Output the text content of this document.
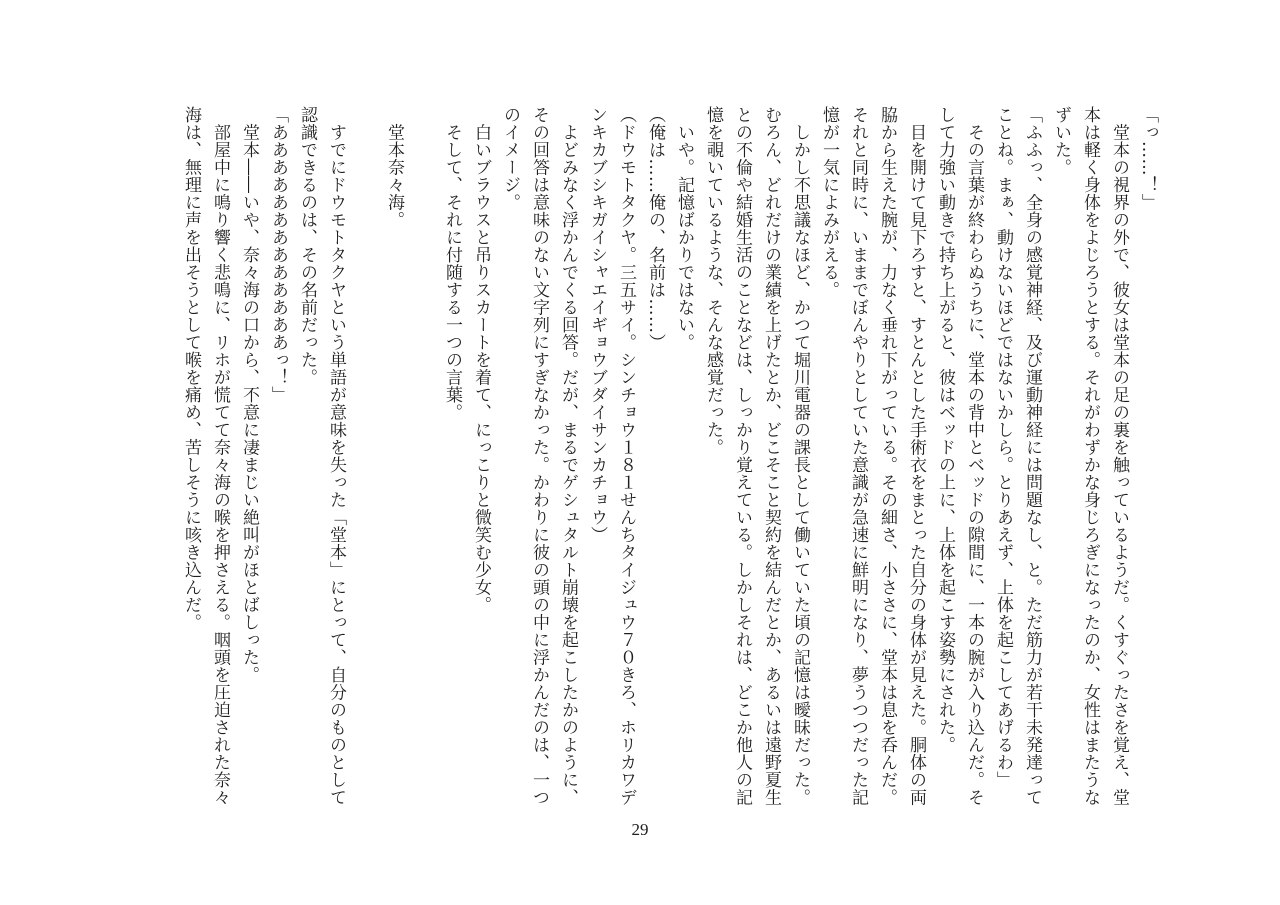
「っ……！」

　堂本の視界の外で、彼女は堂本の足の裏を触っているようだ。くすぐったさを覚え、堂

本は軽く身体をよじろうとする。それがわずかな身じろぎになったのか、女性はまたうな

ずいた。

「ふふっ、全身の感覚神経、及び運動神経には問題なし、と。ただ筋力が若干未発達って

ことね。まぁ、動けないほどではないかしら。とりあえず、上体を起こしてあげるわ」

　その言葉が終わらぬうちに、堂本の背中とベッドの隙間に、一本の腕が入り込んだ。そ

して力強い動きで持ち上がると、彼はベッドの上に、上体を起こす姿勢にされた。

　目を開けて見下ろすと、すとんとした手術衣をまとった自分の身体が見えた。胴体の両

脇から生えた腕が、力なく垂れ下がっている。その細さ、小ささに、堂本は息を呑んだ。

それと同時に、いままでぼんやりとしていた意識が急速に鮮明になり、夢うつつだった記

憶が一気によみがえる。

　しかし不思議なほど、かつて堀川電器の課長として働いていた頃の記憶は曖昧だった。

むろん、どれだけの業績を上げたとか、どこそこと契約を結んだとか、あるいは遠野夏生

との不倫や結婚生活のことなどは、しっかり覚えている。しかしそれは、どこか他人の記

憶を覗いているような、そんな感覚だった。

　いや。記憶ばかりではない。

（俺は……俺の、名前は……）

（ドウモトタクヤ。三五サイ。シンチョウ１８１せんちタイジュウ７０きろ、ホリカワデ

ンキカブシキガイシャエイギョウブダイサンカチョウ）

　よどみなく浮かんでくる回答。だが、まるでゲシュタルト崩壊を起こしたかのように、

その回答は意味のない文字列にすぎなかった。かわりに彼の頭の中に浮かんだのは、一つ

のイメージ。

　白いブラウスと吊りスカートを着て、にっこりと微笑む少女。

　そして、それに付随する一つの言葉。

　堂本奈々海。

　すでにドウモトタクヤという単語が意味を失った「堂本」にとって、自分のものとして

認識できるのは、その名前だった。

「あああああああああああああっ！」

　堂本――いや、奈々海の口から、不意に凄まじい絶叫がほとばしった。

　部屋中に鳴り響く悲鳴に、リホが慌てて奈々海の喉を押さえる。咽頭を圧迫された奈々

海は、無理に声を出そうとして喉を痛め、苦しそうに咳き込んだ。

29
